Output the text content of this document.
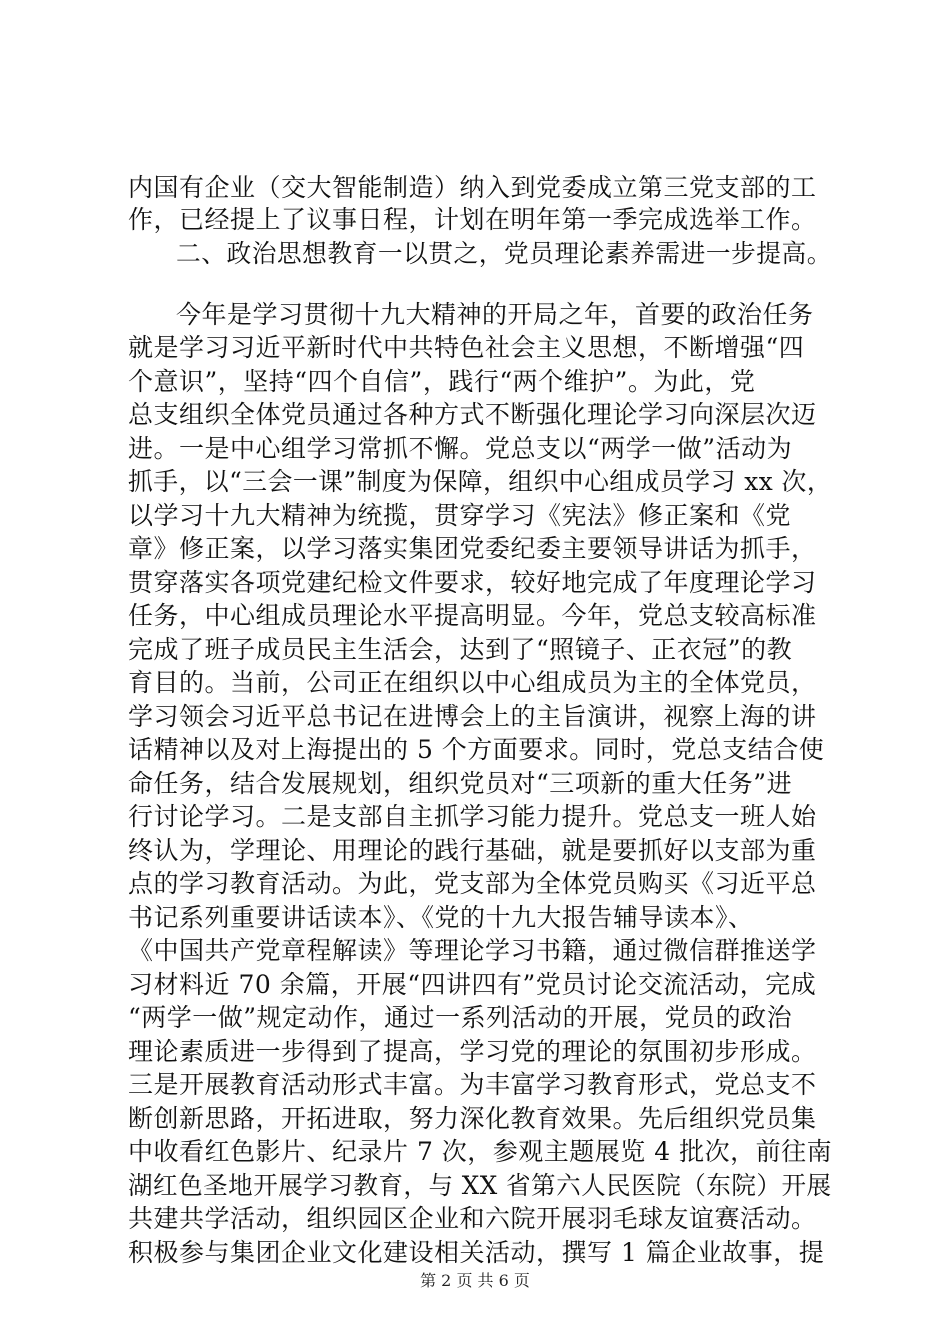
内国有企业（交大智能制造）纳入到党委成立第三党支部的工
作，已经提上了议事日程，计划在明年第一季完成选举工作。
二、政治思想教育一以贯之，党员理论素养需进一步提高。
今年是学习贯彻十九大精神的开局之年，首要的政治任务
就是学习习近平新时代中共特色社会主义思想，不断增强“四
个意识”，坚持“四个自信”，践行“两个维护”。为此，党
总支组织全体党员通过各种方式不断强化理论学习向深层次迈
进。一是中心组学习常抓不懈。党总支以“两学一做”活动为
抓手，以“三会一课”制度为保障，组织中心组成员学习 xx 次，
以学习十九大精神为统揽，贯穿学习《宪法》修正案和《党
章》修正案，以学习落实集团党委纪委主要领导讲话为抓手，
贯穿落实各项党建纪检文件要求，较好地完成了年度理论学习
任务，中心组成员理论水平提高明显。今年，党总支较高标准
完成了班子成员民主生活会，达到了“照镜子、正衣冠”的教
育目的。当前，公司正在组织以中心组成员为主的全体党员，
学习领会习近平总书记在进博会上的主旨演讲，视察上海的讲
话精神以及对上海提出的 5 个方面要求。同时，党总支结合使
命任务，结合发展规划，组织党员对“三项新的重大任务”进
行讨论学习。二是支部自主抓学习能力提升。党总支一班人始
终认为，学理论、用理论的践行基础，就是要抓好以支部为重
点的学习教育活动。为此，党支部为全体党员购买《习近平总
书记系列重要讲话读本》、《党的十九大报告辅导读本》、
《中国共产党章程解读》等理论学习书籍，通过微信群推送学
习材料近 70 余篇，开展“四讲四有”党员讨论交流活动，完成
“两学一做”规定动作，通过一系列活动的开展，党员的政治
理论素质进一步得到了提高，学习党的理论的氛围初步形成。
三是开展教育活动形式丰富。为丰富学习教育形式，党总支不
断创新思路，开拓进取，努力深化教育效果。先后组织党员集
中收看红色影片、纪录片 7 次，参观主题展览 4 批次，前往南
湖红色圣地开展学习教育，与 XX 省第六人民医院（东院）开展
共建共学活动，组织园区企业和六院开展羽毛球友谊赛活动。
积极参与集团企业文化建设相关活动，撰写 1 篇企业故事，提
第 2 页 共 6 页
